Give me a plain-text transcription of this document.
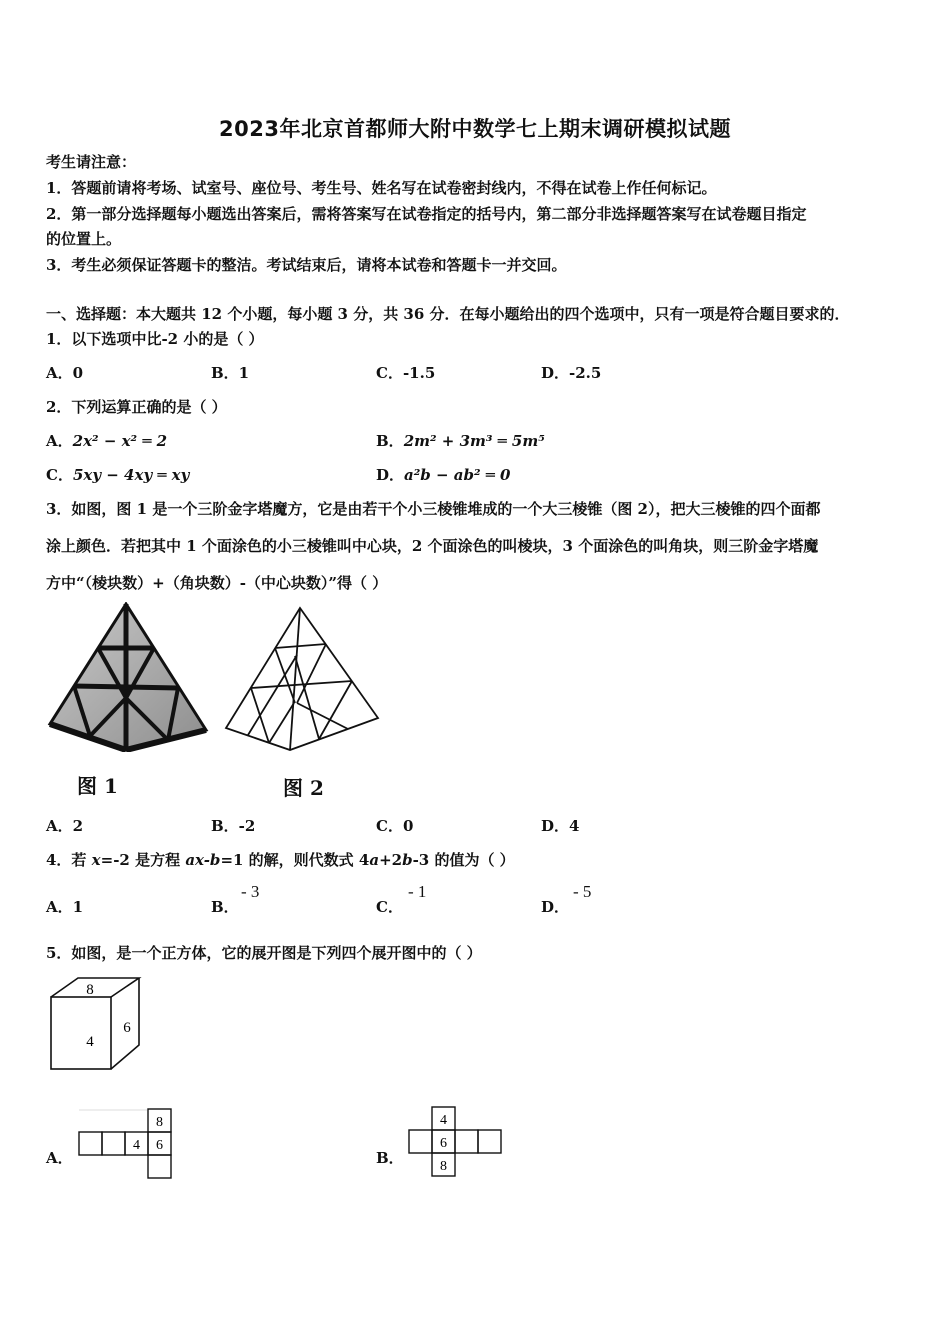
2023年北京首都师大附中数学七上期末调研模拟试题
考生请注意：
1．答题前请将考场、试室号、座位号、考生号、姓名写在试卷密封线内，不得在试卷上作任何标记。
2．第一部分选择题每小题选出答案后，需将答案写在试卷指定的括号内，第二部分非选择题答案写在试卷题目指定
的位置上。
3．考生必须保证答题卡的整洁。考试结束后，请将本试卷和答题卡一并交回。
一、选择题：本大题共 12 个小题，每小题 3 分，共 36 分．在每小题给出的四个选项中，只有一项是符合题目要求的．
1．以下选项中比-2 小的是（ ）
A．0	B．1	C．-1.5	D．-2.5
2．下列运算正确的是（ ）
A．2x² − x² ═ 2	B．2m² + 3m³ ═ 5m⁵
C．5xy − 4xy ═ xy	D．a²b − ab² ═ 0
3．如图，图 1 是一个三阶金字塔魔方，它是由若干个小三棱锥堆成的一个大三棱锥（图 2），把大三棱锥的四个面都
涂上颜色．若把其中 1 个面涂色的小三棱锥叫中心块，2 个面涂色的叫棱块，3 个面涂色的叫角块，则三阶金字塔魔
方中“（棱块数）+（角块数）-（中心块数）”得（ ）
图 1	图 2
A．2	B．-2	C．0	D．4
4．若 x=-2 是方程 ax-b=1 的解，则代数式 4a+2b-3 的值为（ ）
A．1	B．
- 3
C．
- 1
D．
- 5
5．如图，是一个正方体，它的展开图是下列四个展开图中的（ ）
8
4
6
A．
8
4 6
B．
4
6
8
